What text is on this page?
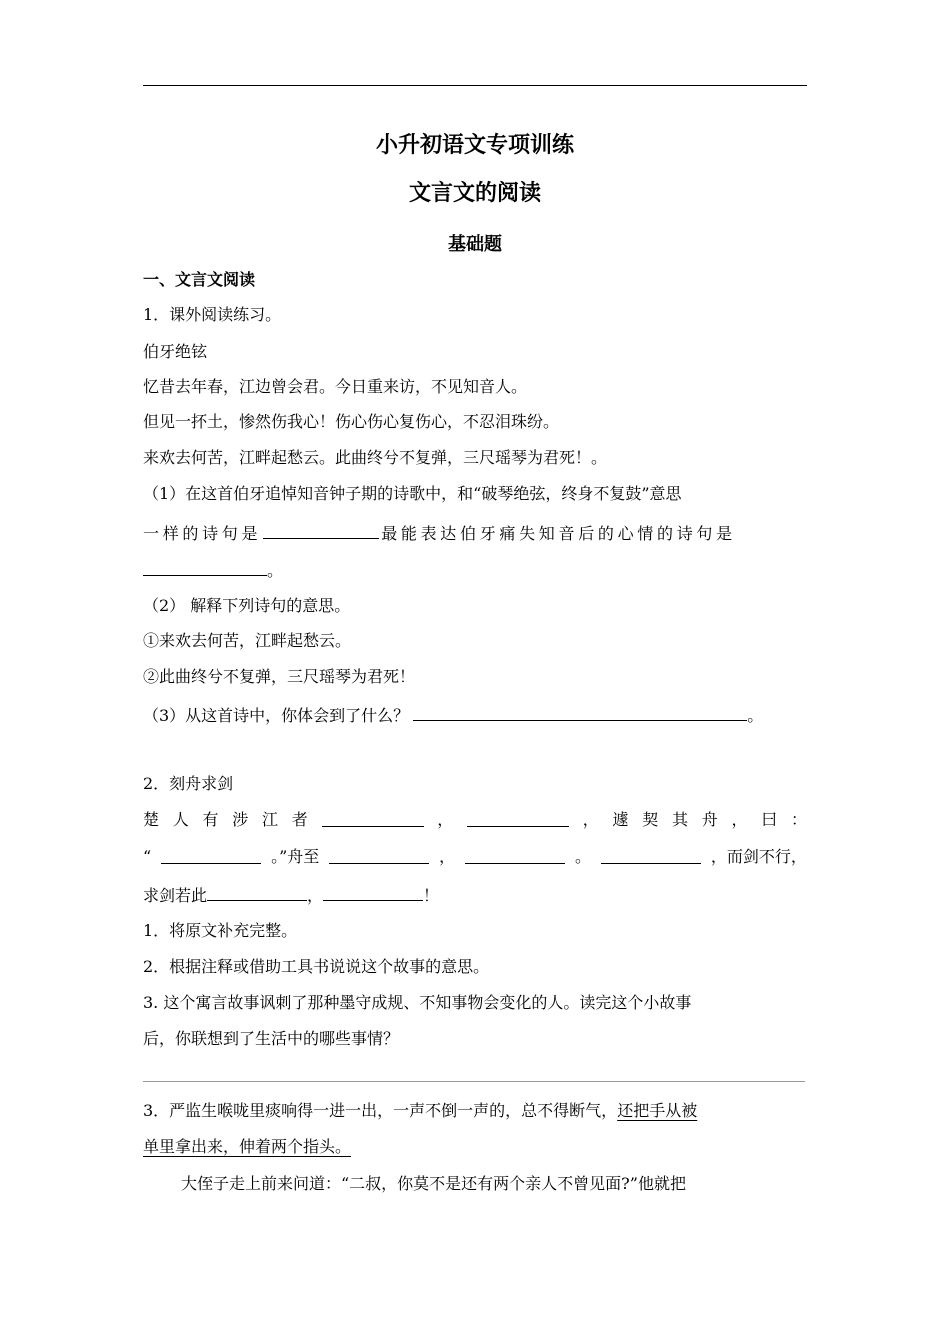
小升初语文专项训练
文言文的阅读
基础题
一、文言文阅读
1．课外阅读练习。
伯牙绝铉
忆昔去年春，江边曾会君。今日重来访，不见知音人。
但见一抔土，惨然伤我心！伤心伤心复伤心，不忍泪珠纷。
来欢去何苦，江畔起愁云。此曲终兮不复弹，三尺瑶琴为君死！。
（1）在这首伯牙追悼知音钟子期的诗歌中，和“破琴绝弦，终身不复鼓”意思
一样的诗句是	最能表达伯牙痛失知音后的心情的诗句是
。
（2） 解释下列诗句的意思。
①来欢去何苦，江畔起愁云。
②此曲终兮不复弹，三尺瑶琴为君死！
（3）从这首诗中，你体会到了什么？	。
2．刻舟求剑
楚 人 有 涉 江 者	，	， 遽 契 其 舟 ， 曰 ：
“	。”舟至	，	。	，而剑不行，
求剑若此	，	！
1．将原文补充完整。
2．根据注释或借助工具书说说这个故事的意思。
3. 这个寓言故事讽刺了那种墨守成规、不知事物会变化的人。读完这个小故事
后，你联想到了生活中的哪些事情？
3．严监生喉咙里痰响得一进一出，一声不倒一声的，总不得断气，还把手从被
单里拿出来，伸着两个指头。
大侄子走上前来问道：“二叔，你莫不是还有两个亲人不曾见面?”他就把
